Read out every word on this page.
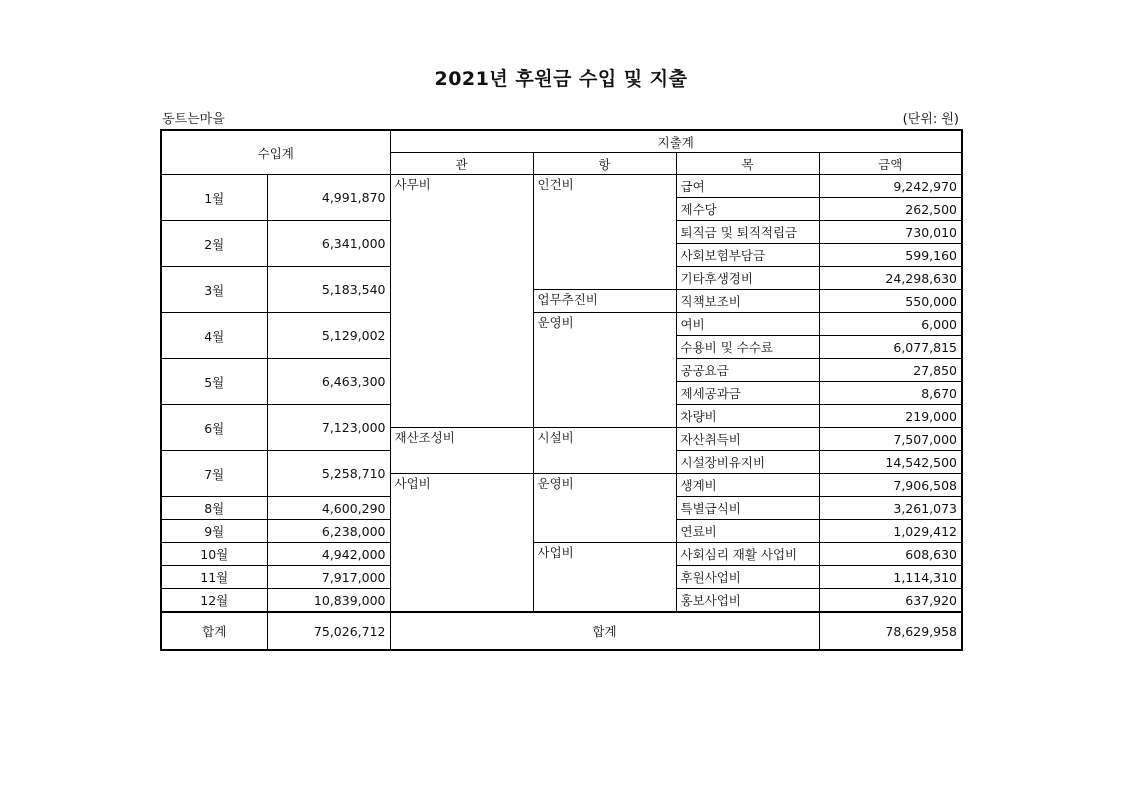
2021년 후원금 수입 및 지출
동트는마을	(단위: 원)
수입계		지출계			
		관	항	목	금액
1월	4,991,870	사무비	인건비	급여	9,242,970
				제수당	262,500
2월	6,341,000			퇴직금 및 퇴직적립금	730,010
				사회보험부담금	599,160
3월	5,183,540			기타후생경비	24,298,630
			업무추진비	직책보조비	550,000
4월	5,129,002		운영비	여비	6,000
				수용비 및 수수료	6,077,815
5월	6,463,300			공공요금	27,850
				제세공과금	8,670
6월	7,123,000			차량비	219,000
		재산조성비	시설비	자산취득비	7,507,000
7월	5,258,710			시설장비유지비	14,542,500
		사업비	운영비	생계비	7,906,508
8월	4,600,290			특별급식비	3,261,073
9월	6,238,000			연료비	1,029,412
10월	4,942,000		사업비	사회심리 재활 사업비	608,630
11월	7,917,000			후원사업비	1,114,310
12월	10,839,000			홍보사업비	637,920
합계	75,026,712	합계			78,629,958
